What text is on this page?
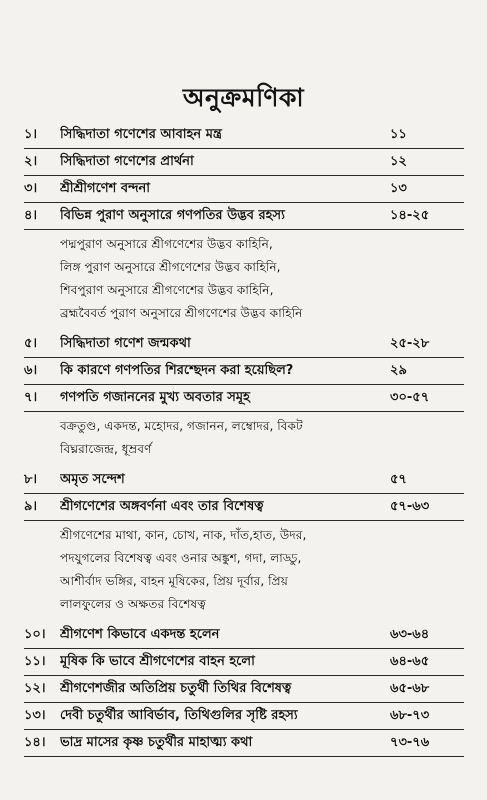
অনুক্রমণিকা
১।	সিদ্ধিদাতা গণেশের আবাহন মন্ত্র	১১
২।	সিদ্ধিদাতা গণেশের প্রার্থনা	১২
৩।	শ্রীশ্রীগণেশ বন্দনা	১৩
৪।	বিভিন্ন পুরাণ অনুসারে গণপতির উদ্ভব রহস্য	১৪-২৫
পদ্মপুরাণ অনুসারে শ্রীগণেশের উদ্ভব কাহিনি,
লিঙ্গ পুরাণ অনুসারে শ্রীগণেশের উদ্ভব কাহিনি,
শিবপুরাণ অনুসারে শ্রীগণেশের উদ্ভব কাহিনি,
ব্রহ্মবৈবর্ত পুরাণ অনুসারে শ্রীগণেশের উদ্ভব কাহিনি
৫।	সিদ্ধিদাতা গণেশ জন্মকথা	২৫-২৮
৬।	কি কারণে গণপতির শিরশ্ছেদন করা হয়েছিল?	২৯
৭।	গণপতি গজাননের মুখ্য অবতার সমূহ	৩০-৫৭
বক্রতুণ্ড, একদন্ত, মহোদর, গজানন, লম্বোদর, বিকট
বিঘ্নরাজেন্দ্র, ধূম্রবর্ণ
৮।	অমৃত সন্দেশ	৫৭
৯।	শ্রীগণেশের অঙ্গবর্ণনা এবং তার বিশেষত্ব	৫৭-৬৩
শ্রীগণেশের মাথা, কান, চোখ, নাক, দাঁত,হাত, উদর,
পদযুগলের বিশেষত্ব এবং ওনার অঙ্কুশ, গদা, লাড্ডু,
আশীর্বাদ ভঙ্গির, বাহন মূষিকের, প্রিয় দূর্বার, প্রিয়
লালফুলের ও অক্ষতর বিশেষত্ব
১০।	শ্রীগণেশ কিভাবে একদন্ত হলেন	৬৩-৬৪
১১।	মূষিক কি ভাবে শ্রীগণেশের বাহন হলো	৬৪-৬৫
১২।	শ্রীগণেশজীর অতিপ্রিয় চতুর্থী তিথির বিশেষত্ব	৬৫-৬৮
১৩।	দেবী চতুর্থীর আবির্ভাব, তিথিগুলির সৃষ্টি রহস্য	৬৮-৭৩
১৪।	ভাদ্র মাসের কৃষ্ণ চতুর্থীর মাহাত্ম্য কথা	৭৩-৭৬
